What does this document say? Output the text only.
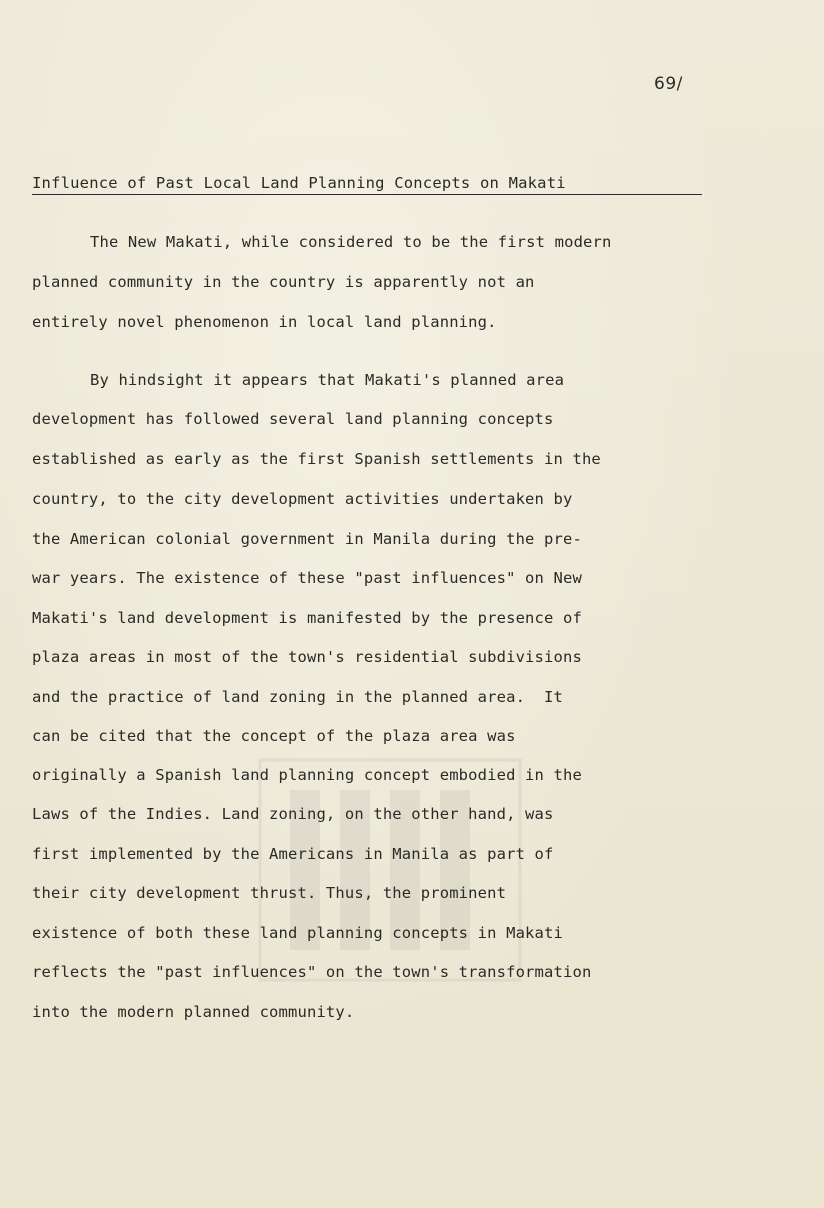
69/
Influence of Past Local Land Planning Concepts on Makati
The New Makati, while considered to be the first modern
planned community in the country is apparently not an
entirely novel phenomenon in local land planning.
By hindsight it appears that Makati's planned area
development has followed several land planning concepts
established as early as the first Spanish settlements in the
country, to the city development activities undertaken by
the American colonial government in Manila during the pre-
war years. The existence of these "past influences" on New
Makati's land development is manifested by the presence of
plaza areas in most of the town's residential subdivisions
and the practice of land zoning in the planned area.  It
can be cited that the concept of the plaza area was
originally a Spanish land planning concept embodied in the
Laws of the Indies. Land zoning, on the other hand, was
first implemented by the Americans in Manila as part of
their city development thrust. Thus, the prominent
existence of both these land planning concepts in Makati
reflects the "past influences" on the town's transformation
into the modern planned community.
